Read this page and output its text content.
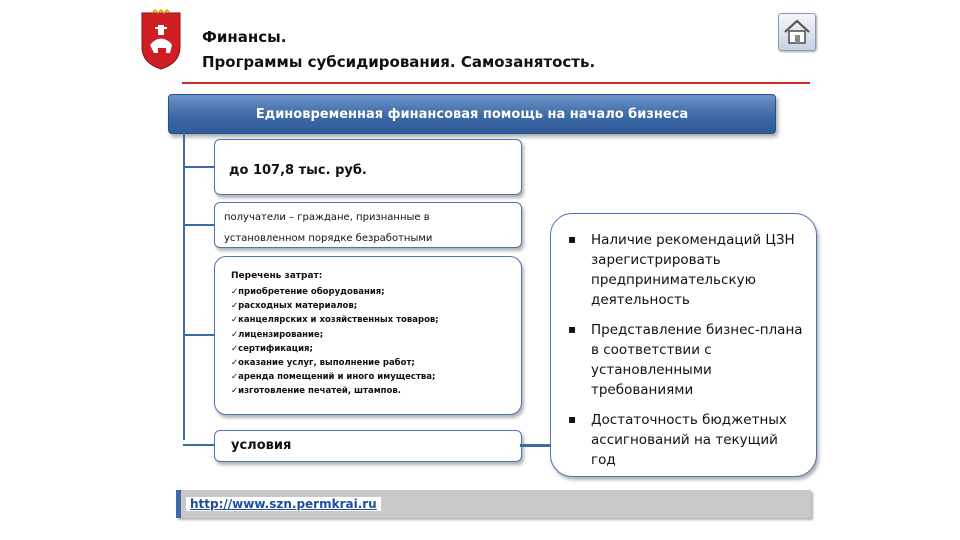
Финансы.
Программы субсидирования. Самозанятость.
Единовременная финансовая помощь на начало бизнеса
до 107,8 тыс. руб.
получатели – граждане, признанные в
установленном порядке безработными
Перечень затрат:
✓ приобретение оборудования;
✓ расходных материалов;
✓ канцелярских и хозяйственных товаров;
✓ лицензирование;
✓ сертификация;
✓ оказание услуг, выполнение работ;
✓ аренда помещений и иного имущества;
✓ изготовление печатей, штампов.
условия
▪ Наличие рекомендаций ЦЗН зарегистрировать предпринимательскую деятельность
▪ Представление бизнес-плана в соответствии с установленными требованиями
▪ Достаточность бюджетных ассигнований на текущий год
http://www.szn.permkrai.ru
